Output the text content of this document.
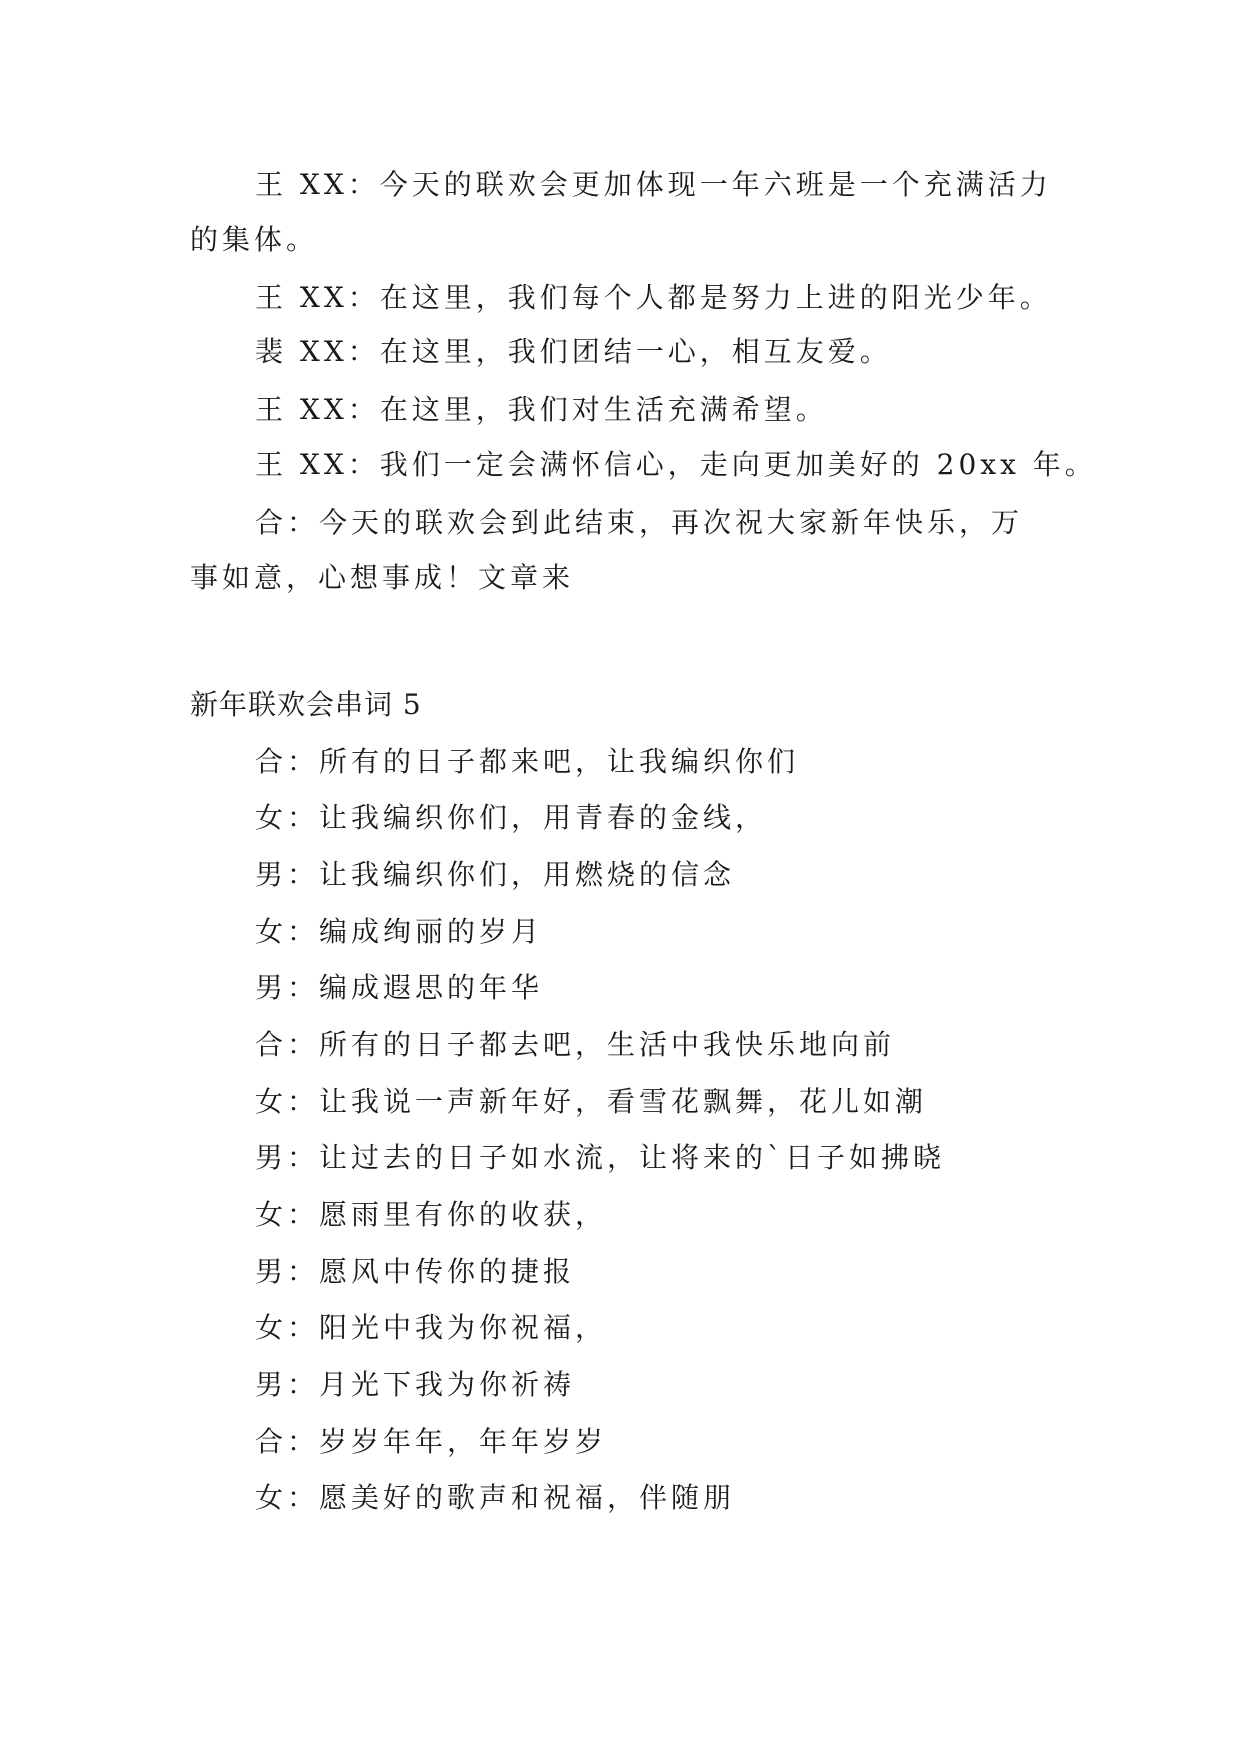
王 XX：今天的联欢会更加体现一年六班是一个充满活力
的集体。
王 XX：在这里，我们每个人都是努力上进的阳光少年。
裴 XX：在这里，我们团结一心，相互友爱。
王 XX：在这里，我们对生活充满希望。
王 XX：我们一定会满怀信心，走向更加美好的 20xx 年。
合：今天的联欢会到此结束，再次祝大家新年快乐，万
事如意，心想事成！文章来
新年联欢会串词 5
合：所有的日子都来吧，让我编织你们
女：让我编织你们，用青春的金线，
男：让我编织你们，用燃烧的信念
女：编成绚丽的岁月
男：编成遐思的年华
合：所有的日子都去吧，生活中我快乐地向前
女：让我说一声新年好，看雪花飘舞，花儿如潮
男：让过去的日子如水流，让将来的`日子如拂晓
女：愿雨里有你的收获，
男：愿风中传你的捷报
女：阳光中我为你祝福，
男：月光下我为你祈祷
合：岁岁年年，年年岁岁
女：愿美好的歌声和祝福，伴随朋
